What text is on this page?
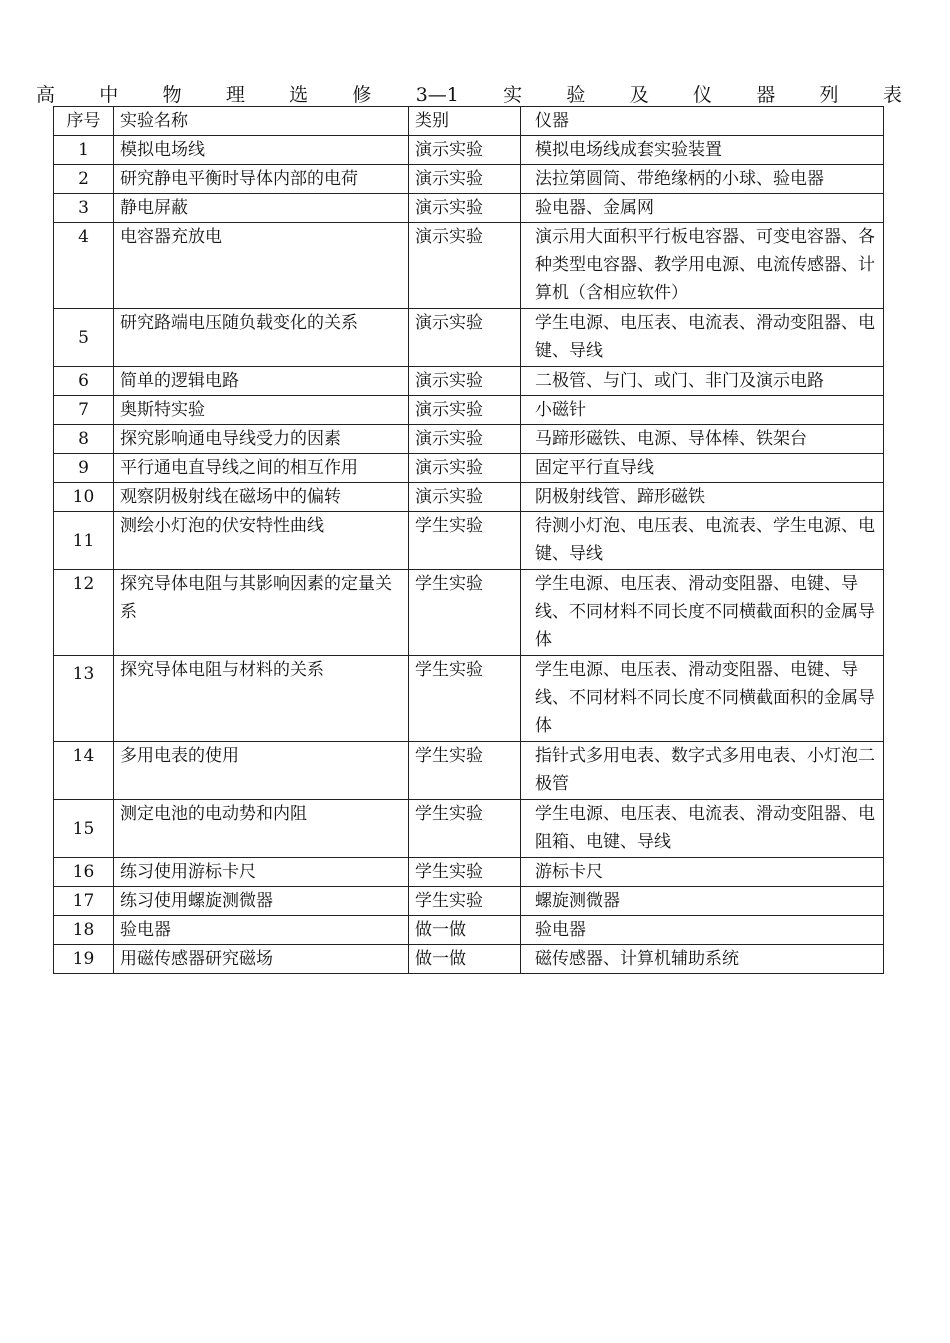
高 中 物 理 选 修 3—1 实 验 及 仪 器 列 表
序号	实验名称	类别	仪器
1	模拟电场线	演示实验	模拟电场线成套实验装置
2	研究静电平衡时导体内部的电荷	演示实验	法拉第圆筒、带绝缘柄的小球、验电器
3	静电屏蔽	演示实验	验电器、金属网
4	电容器充放电	演示实验	演示用大面积平行板电容器、可变电容器、各种类型电容器、教学用电源、电流传感器、计算机（含相应软件）
5	研究路端电压随负载变化的关系	演示实验	学生电源、电压表、电流表、滑动变阻器、电键、导线
6	简单的逻辑电路	演示实验	二极管、与门、或门、非门及演示电路
7	奥斯特实验	演示实验	小磁针
8	探究影响通电导线受力的因素	演示实验	马蹄形磁铁、电源、导体棒、铁架台
9	平行通电直导线之间的相互作用	演示实验	固定平行直导线
10	观察阴极射线在磁场中的偏转	演示实验	阴极射线管、蹄形磁铁
11	测绘小灯泡的伏安特性曲线	学生实验	待测小灯泡、电压表、电流表、学生电源、电键、导线
12	探究导体电阻与其影响因素的定量关系	学生实验	学生电源、电压表、滑动变阻器、电键、导线、不同材料不同长度不同横截面积的金属导体
13	探究导体电阻与材料的关系	学生实验	学生电源、电压表、滑动变阻器、电键、导线、不同材料不同长度不同横截面积的金属导体
14	多用电表的使用	学生实验	指针式多用电表、数字式多用电表、小灯泡二极管
15	测定电池的电动势和内阻	学生实验	学生电源、电压表、电流表、滑动变阻器、电阻箱、电键、导线
16	练习使用游标卡尺	学生实验	游标卡尺
17	练习使用螺旋测微器	学生实验	螺旋测微器
18	验电器	做一做	验电器
19	用磁传感器研究磁场	做一做	磁传感器、计算机辅助系统
